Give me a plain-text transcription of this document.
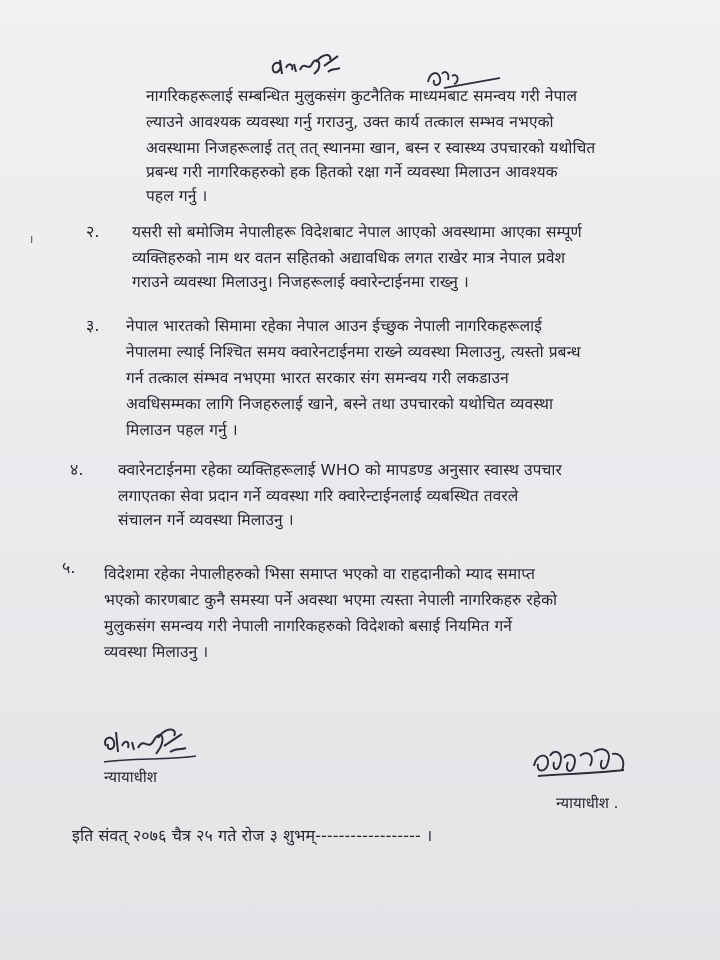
नागरिकहरूलाई सम्बन्धित मुलुकसंग कुटनैतिक माध्यमबाट समन्वय गरी नेपाल
ल्याउने आवश्यक व्यवस्था गर्नु गराउनु, उक्त कार्य तत्काल सम्भव नभएको
अवस्थामा निजहरूलाई तत् तत् स्थानमा खान, बस्न र स्वास्थ्य उपचारको यथोचित
प्रबन्ध गरी नागरिकहरुको हक हितको रक्षा गर्ने व्यवस्था मिलाउन आवश्यक
पहल गर्नु ।
ı	२. यसरी सो बमोजिम नेपालीहरू विदेशबाट नेपाल आएको अवस्थामा आएका सम्पूर्ण
व्यक्तिहरुको नाम थर वतन सहितको अद्यावधिक लगत राखेर मात्र नेपाल प्रवेश
गराउने व्यवस्था मिलाउनु। निजहरूलाई क्वारेन्टाईनमा राख्नु ।
३. नेपाल भारतको सिमामा रहेका नेपाल आउन ईच्छुक नेपाली नागरिकहरूलाई
नेपालमा ल्याई निश्चित समय क्वारेनटाईनमा राख्ने व्यवस्था मिलाउनु, त्यस्तो प्रबन्ध
गर्न तत्काल संम्भव नभएमा भारत सरकार संग समन्वय गरी लकडाउन
अवधिसम्मका लागि निजहरुलाई खाने, बस्ने तथा उपचारको यथोचित व्यवस्था
मिलाउन पहल गर्नु ।
४. क्वारेनटाईनमा रहेका व्यक्तिहरूलाई WHO को मापडण्ड अनुसार स्वास्थ उपचार
लगाएतका सेवा प्रदान गर्ने व्यवस्था गरि क्वारेन्टाईनलाई व्यबस्थित तवरले
संचालन गर्ने व्यवस्था मिलाउनु ।
५. विदेशमा रहेका नेपालीहरुको भिसा समाप्त भएको वा राहदानीको म्याद समाप्त
भएको कारणबाट कुनै समस्या पर्ने अवस्था भएमा त्यस्ता नेपाली नागरिकहरु रहेको
मुलुकसंग समन्वय गरी नेपाली नागरिकहरुको विदेशको बसाई नियमित गर्ने
व्यवस्था मिलाउनु ।
न्यायाधीश
न्यायाधीश .
इति संवत् २०७६ चैत्र २५ गते रोज ३ शुभम्------------------ ।
